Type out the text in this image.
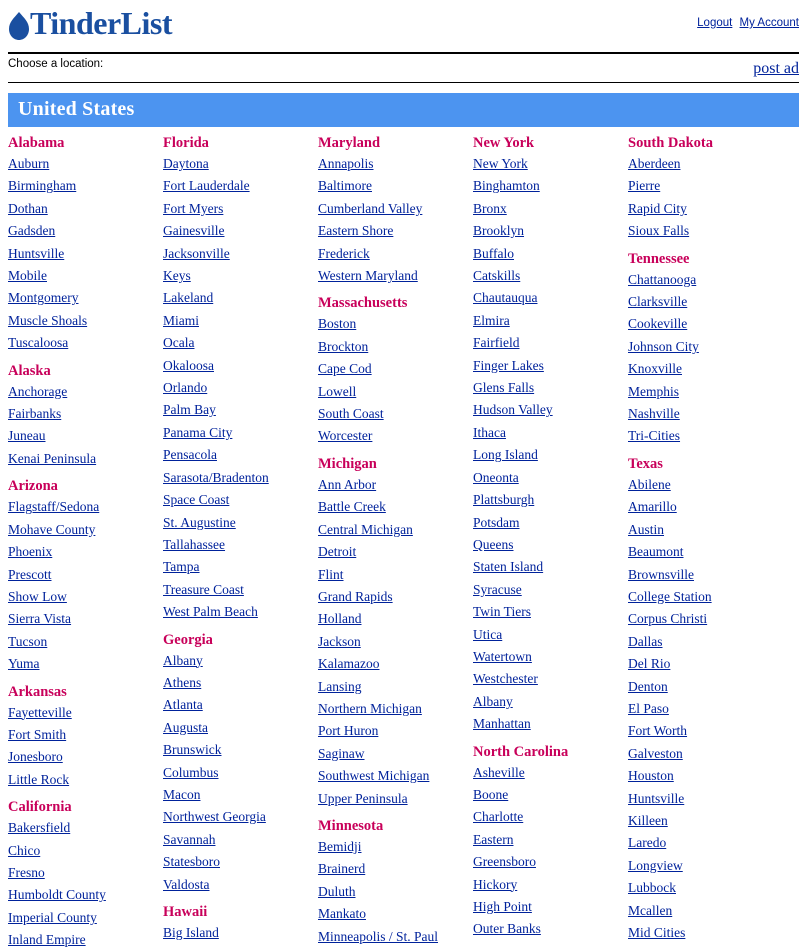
TinderList	Logout My Account
Choose a location:	post ad
United States
Alabama
Auburn
Birmingham
Dothan
Gadsden
Huntsville
Mobile
Montgomery
Muscle Shoals
Tuscaloosa
Alaska
Anchorage
Fairbanks
Juneau
Kenai Peninsula
Arizona
Flagstaff/Sedona
Mohave County
Phoenix
Prescott
Show Low
Sierra Vista
Tucson
Yuma
Arkansas
Fayetteville
Fort Smith
Jonesboro
Little Rock
California
Bakersfield
Chico
Fresno
Humboldt County
Imperial County
Inland Empire
Florida
Daytona
Fort Lauderdale
Fort Myers
Gainesville
Jacksonville
Keys
Lakeland
Miami
Ocala
Okaloosa
Orlando
Palm Bay
Panama City
Pensacola
Sarasota/Bradenton
Space Coast
St. Augustine
Tallahassee
Tampa
Treasure Coast
West Palm Beach
Georgia
Albany
Athens
Atlanta
Augusta
Brunswick
Columbus
Macon
Northwest Georgia
Savannah
Statesboro
Valdosta
Hawaii
Big Island
Maryland
Annapolis
Baltimore
Cumberland Valley
Eastern Shore
Frederick
Western Maryland
Massachusetts
Boston
Brockton
Cape Cod
Lowell
South Coast
Worcester
Michigan
Ann Arbor
Battle Creek
Central Michigan
Detroit
Flint
Grand Rapids
Holland
Jackson
Kalamazoo
Lansing
Northern Michigan
Port Huron
Saginaw
Southwest Michigan
Upper Peninsula
Minnesota
Bemidji
Brainerd
Duluth
Mankato
Minneapolis / St. Paul
New York
New York
Binghamton
Bronx
Brooklyn
Buffalo
Catskills
Chautauqua
Elmira
Fairfield
Finger Lakes
Glens Falls
Hudson Valley
Ithaca
Long Island
Oneonta
Plattsburgh
Potsdam
Queens
Staten Island
Syracuse
Twin Tiers
Utica
Watertown
Westchester
Albany
Manhattan
North Carolina
Asheville
Boone
Charlotte
Eastern
Greensboro
Hickory
High Point
Outer Banks
South Dakota
Aberdeen
Pierre
Rapid City
Sioux Falls
Tennessee
Chattanooga
Clarksville
Cookeville
Johnson City
Knoxville
Memphis
Nashville
Tri-Cities
Texas
Abilene
Amarillo
Austin
Beaumont
Brownsville
College Station
Corpus Christi
Dallas
Del Rio
Denton
El Paso
Fort Worth
Galveston
Houston
Huntsville
Killeen
Laredo
Longview
Lubbock
Mcallen
Mid Cities
